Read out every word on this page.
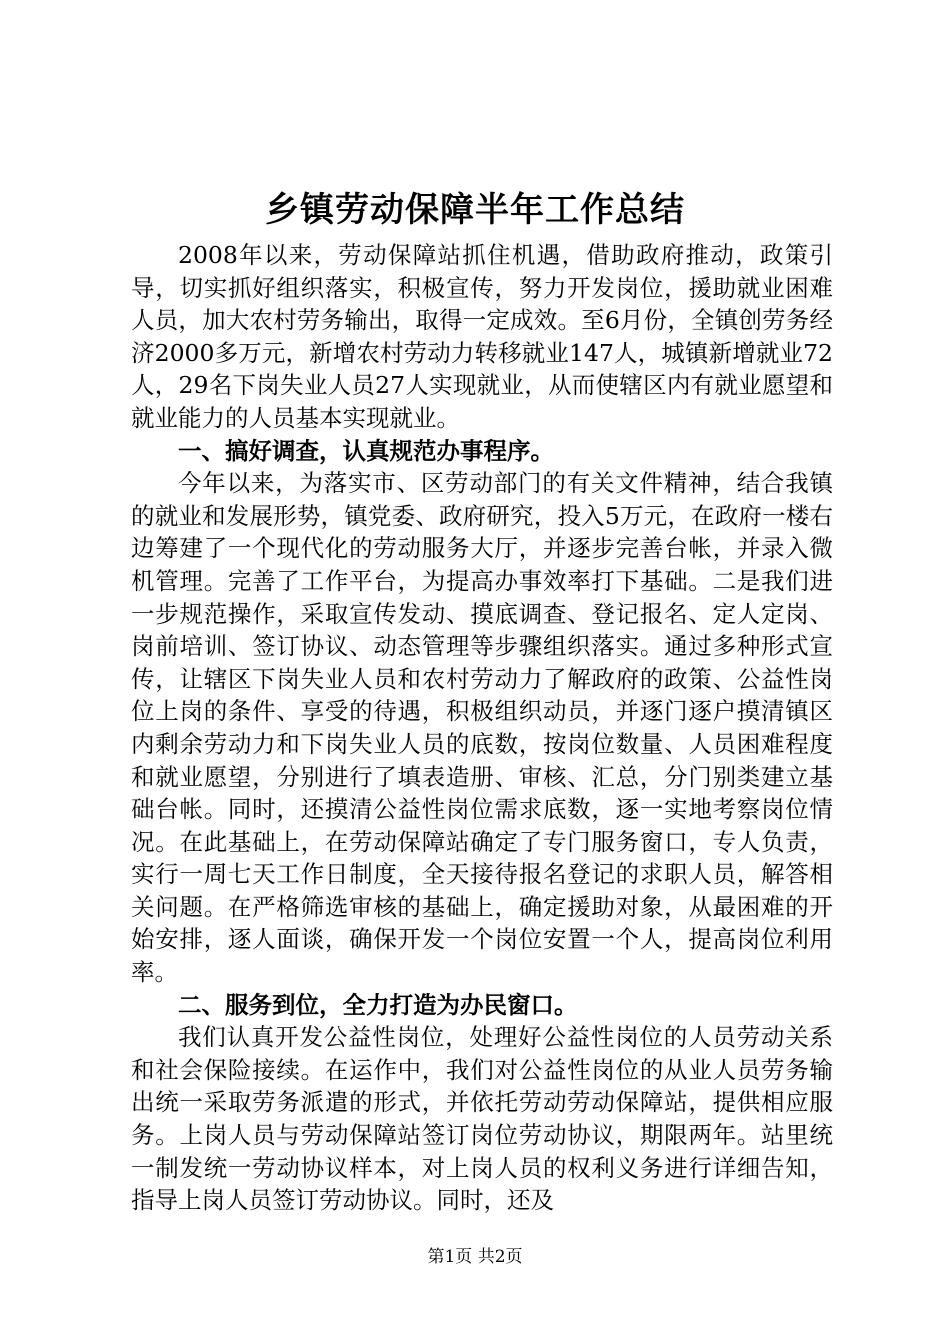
乡镇劳动保障半年工作总结

2008年以来，劳动保障站抓住机遇，借助政府推动，政策引导，切实抓好组织落实，积极宣传，努力开发岗位，援助就业困难人员，加大农村劳务输出，取得一定成效。至6月份，全镇创劳务经济2000多万元，新增农村劳动力转移就业147人，城镇新增就业72人，29名下岗失业人员27人实现就业，从而使辖区内有就业愿望和就业能力的人员基本实现就业。

一、搞好调查，认真规范办事程序。

今年以来，为落实市、区劳动部门的有关文件精神，结合我镇的就业和发展形势，镇党委、政府研究，投入5万元，在政府一楼右边筹建了一个现代化的劳动服务大厅，并逐步完善台帐，并录入微机管理。完善了工作平台，为提高办事效率打下基础。二是我们进一步规范操作，采取宣传发动、摸底调查、登记报名、定人定岗、岗前培训、签订协议、动态管理等步骤组织落实。通过多种形式宣传，让辖区下岗失业人员和农村劳动力了解政府的政策、公益性岗位上岗的条件、享受的待遇，积极组织动员，并逐门逐户摸清镇区内剩余劳动力和下岗失业人员的底数，按岗位数量、人员困难程度和就业愿望，分别进行了填表造册、审核、汇总，分门别类建立基础台帐。同时，还摸清公益性岗位需求底数，逐一实地考察岗位情况。在此基础上，在劳动保障站确定了专门服务窗口，专人负责，实行一周七天工作日制度，全天接待报名登记的求职人员，解答相关问题。在严格筛选审核的基础上，确定援助对象，从最困难的开始安排，逐人面谈，确保开发一个岗位安置一个人，提高岗位利用率。

二、服务到位，全力打造为办民窗口。

我们认真开发公益性岗位，处理好公益性岗位的人员劳动关系和社会保险接续。在运作中，我们对公益性岗位的从业人员劳务输出统一采取劳务派遣的形式，并依托劳动劳动保障站，提供相应服务。上岗人员与劳动保障站签订岗位劳动协议，期限两年。站里统一制发统一劳动协议样本，对上岗人员的权利义务进行详细告知，指导上岗人员签订劳动协议。同时，还及

第1页 共2页
